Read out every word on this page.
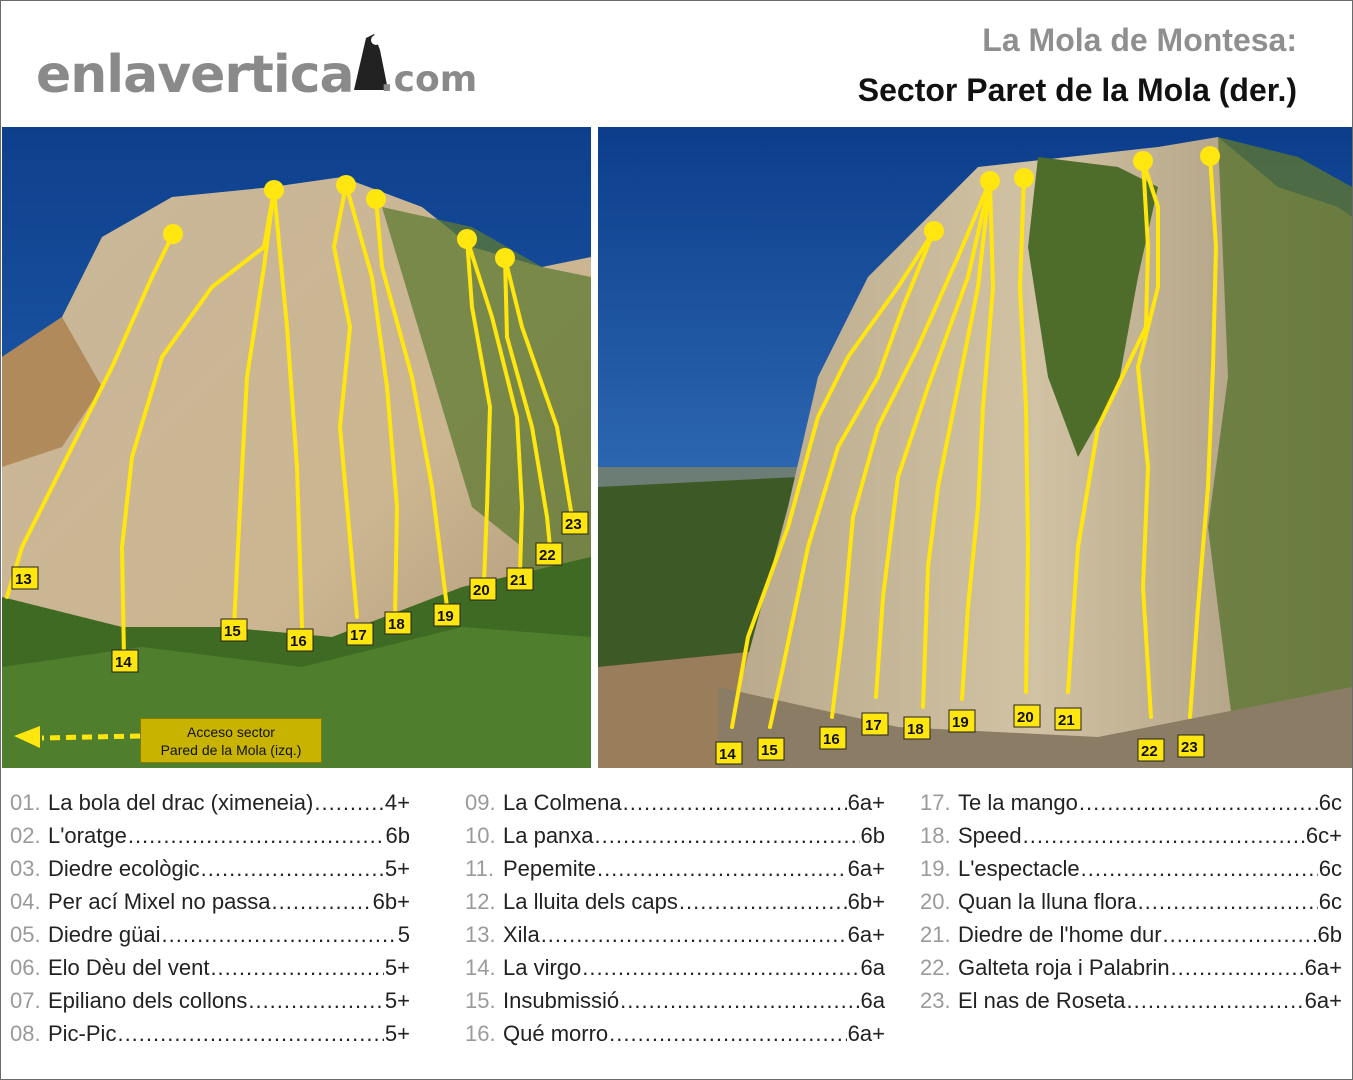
enlavertica .com
La Mola de Montesa:
Sector Paret de la Mola (der.)
13
14
15
16	17
18 19
20
21
22
23
Acceso sector
Pared de la Mola (izq.)	14 15
16
17 18 19	20 21
22 23
01. La bola del drac (ximeneia) .....	4+
02. L'oratge .....	6b
03. Diedre ecològic .....	5+
04. Per ací Mixel no passa .....	6b+
05. Diedre güai .....	5
06. Elo Dèu del vent .....	5+
07. Epiliano dels collons .....	5+
08. Pic-Pic .....	5+
09. La Colmena .....	6a+
10. La panxa .....	6b
11. Pepemite .....	6a+
12. La lluita dels caps .....	6b+
13. Xila .....	6a+
14. La virgo .....	6a
15. Insubmissió .....	6a
16. Qué morro .....	6a+
17. Te la mango .....	6c
18. Speed .....	6c+
19. L'espectacle .....	6c
20. Quan la lluna flora .....	6c
21. Diedre de l'home dur .....	6b
22. Galteta roja i Palabrin .....	6a+
23. El nas de Roseta .....	6a+
